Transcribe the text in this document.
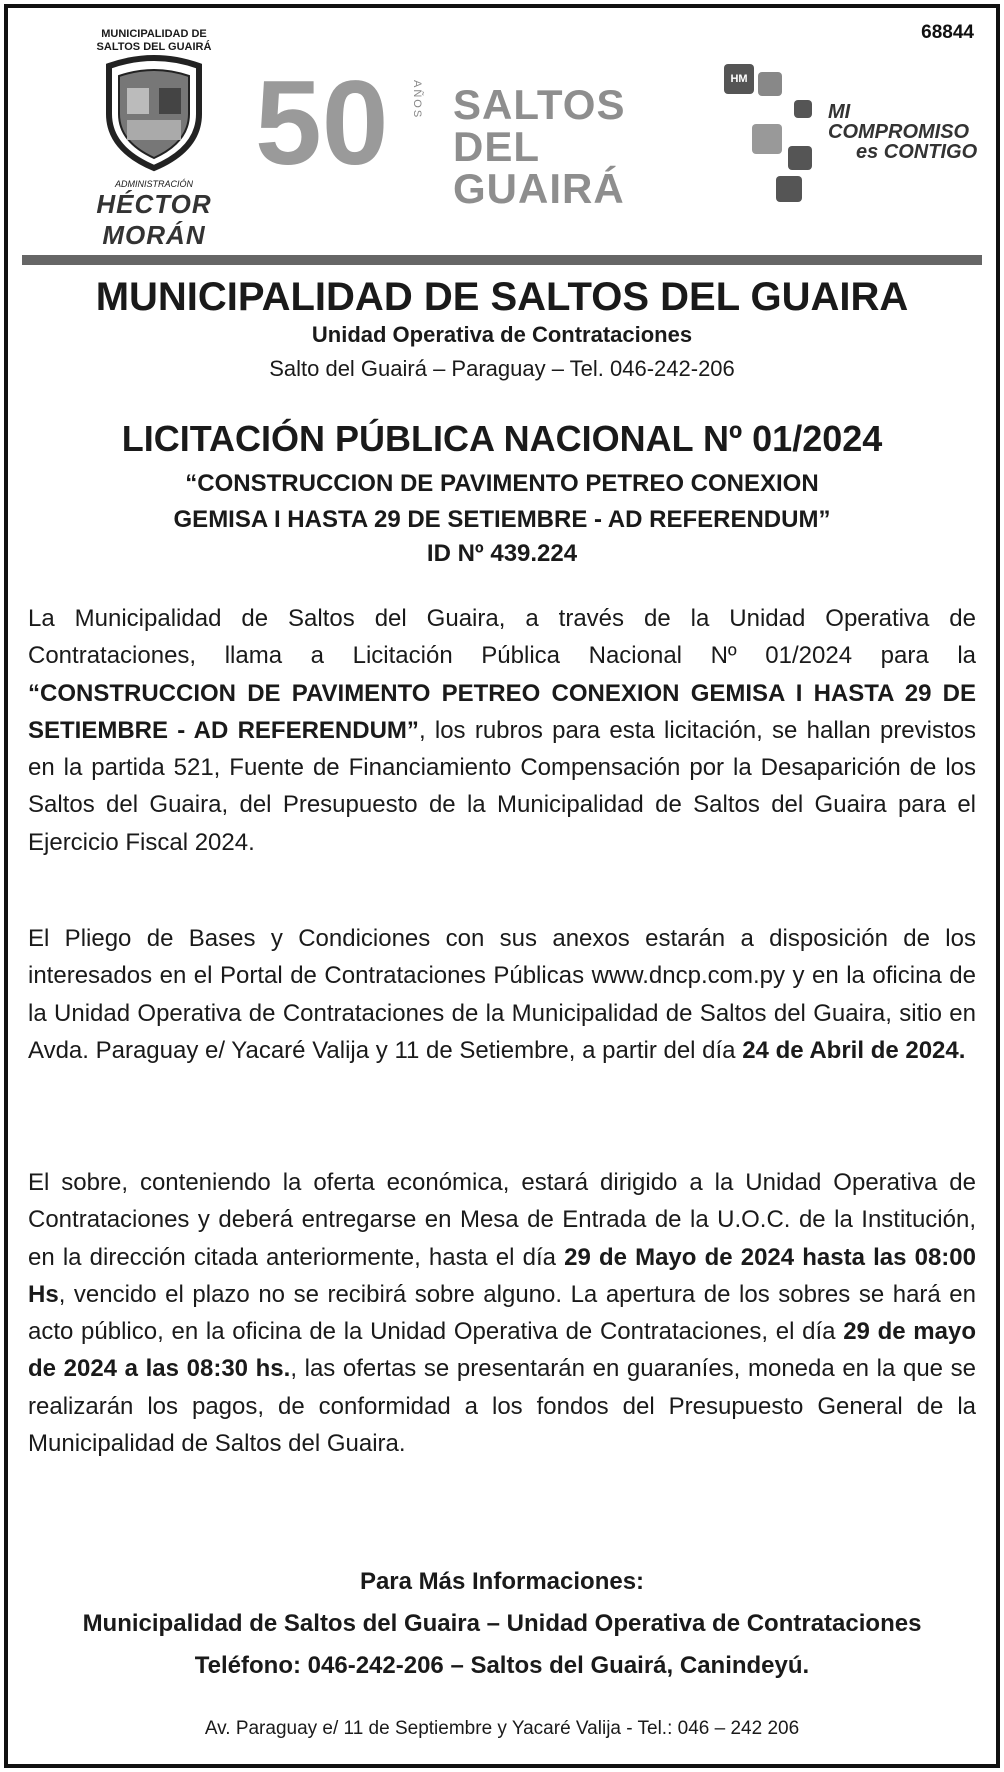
68844
MUNICIPALIDAD DE
SALTOS DEL GUAIRÁ
ADMINISTRACIÓN
HÉCTOR MORÁN
50 AÑOS SALTOS DEL
GUAIRÁ
HM
MI
COMPROMISO
es CONTIGO
MUNICIPALIDAD DE SALTOS DEL GUAIRA
Unidad Operativa de Contrataciones
Salto del Guairá – Paraguay – Tel. 046-242-206
LICITACIÓN PÚBLICA NACIONAL Nº 01/2024
“CONSTRUCCION DE PAVIMENTO PETREO CONEXION
GEMISA I HASTA 29 DE SETIEMBRE - AD REFERENDUM”
ID Nº 439.224
La Municipalidad de Saltos del Guaira, a través de la Unidad Operativa de Contrataciones, llama a Licitación Pública Nacional Nº 01/2024 para la “CONSTRUCCION DE PAVIMENTO PETREO CONEXION GEMISA I HASTA 29 DE SETIEMBRE - AD REFERENDUM”, los rubros para esta licitación, se hallan previstos en la partida 521, Fuente de Financiamiento Compensación por la Desaparición de los Saltos del Guaira, del Presupuesto de la Municipalidad de Saltos del Guaira para el Ejercicio Fiscal 2024.
El Pliego de Bases y Condiciones con sus anexos estarán a disposición de los interesados en el Portal de Contrataciones Públicas www.dncp.com.py y en la oficina de la Unidad Operativa de Contrataciones de la Municipalidad de Saltos del Guaira, sitio en Avda. Paraguay e/ Yacaré Valija y 11 de Setiembre, a partir del día 24 de Abril de 2024.
El sobre, conteniendo la oferta económica, estará dirigido a la Unidad Operativa de Contrataciones y deberá entregarse en Mesa de Entrada de la U.O.C. de la Institución, en la dirección citada anteriormente, hasta el día 29 de Mayo de 2024 hasta las 08:00 Hs, vencido el plazo no se recibirá sobre alguno. La apertura de los sobres se hará en acto público, en la oficina de la Unidad Operativa de Contrataciones, el día 29 de mayo de 2024 a las 08:30 hs., las ofertas se presentarán en guaraníes, moneda en la que se realizarán los pagos, de conformidad a los fondos del Presupuesto General de la Municipalidad de Saltos del Guaira.
Para Más Informaciones:
Municipalidad de Saltos del Guaira – Unidad Operativa de Contrataciones
Teléfono: 046-242-206 – Saltos del Guairá, Canindeyú.
Av. Paraguay e/ 11 de Septiembre y Yacaré Valija - Tel.: 046 – 242 206
